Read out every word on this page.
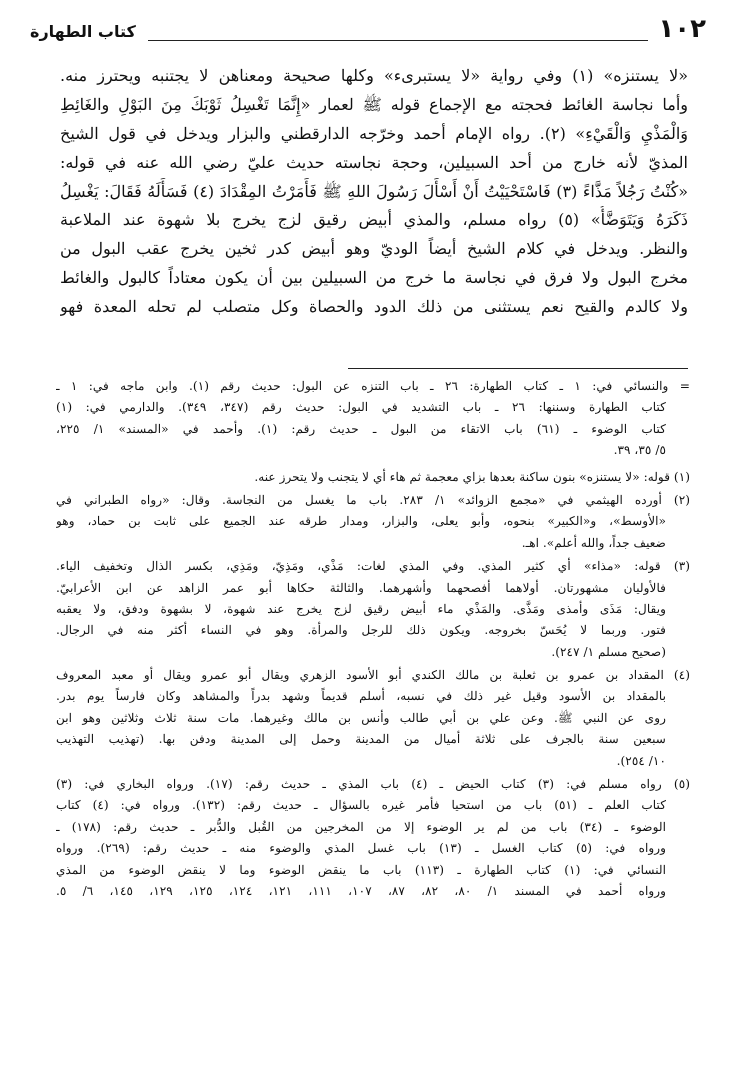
١٠٢
كتاب الطهارة
«لا يستنزه» (١) وفي رواية «لا يستبرىء» وكلها صحيحة ومعناهن لا يجتنبه ويحترز منه.
وأما نجاسة الغائط فحجته مع الإجماع قوله ﷺ لعمار «إِنَّمَا تَغْسِلُ ثَوْبَكَ مِنَ البَوْلِ والغَائِطِ
وَالْمَذْيِ وَالْقَيْءِ» (٢). رواه الإمام أحمد وخرّجه الدارقطني والبزار ويدخل في قول الشيخ
المذيّ لأنه خارج من أحد السبيلين، وحجة نجاسته حديث عليّ رضي الله عنه في قوله:
«كُنْتُ رَجُلاً مَذَّاءً (٣) فَاسْتَحْيَيْتُ أَنْ أَسْأَلَ رَسُولَ اللهِ ﷺ فَأَمَرْتُ المِقْدَادَ (٤) فَسَأَلَهُ فَقَالَ: يَغْسِلُ
ذَكَرَهُ وَيَتَوَضَّأُ» (٥) رواه مسلم، والمذي أبيض رقيق لزج يخرج بلا شهوة عند الملاعبة
والنظر. ويدخل في كلام الشيخ أيضاً الوديّ وهو أبيض كدر ثخين يخرج عقب البول من
مخرج البول ولا فرق في نجاسة ما خرج من السبيلين بين أن يكون معتاداً كالبول والغائط
ولا كالدم والقيح نعم يستثنى من ذلك الدود والحصاة وكل متصلب لم تحله المعدة فهو
= والنسائي في: ١ ـ كتاب الطهارة: ٢٦ ـ باب التنزه عن البول: حديث رقم (١). وابن ماجه في: ١ ـ
كتاب الطهارة وسننها: ٢٦ ـ باب التشديد في البول: حديث رقم (٣٤٧، ٣٤٩). والدارمي في: (١)
كتاب الوضوء ـ (٦١) باب الاتقاء من البول ـ حديث رقم: (١). وأحمد في «المسند» ١/ ٢٢٥،
٥/ ٣٥، ٣٩.
(١) قوله: «لا يستنزه» بنون ساكنة بعدها بزاي معجمة ثم هاء أي لا يتجنب ولا يتحرز عنه.
(٢) أورده الهيثمي في «مجمع الزوائد» ١/ ٢٨٣. باب ما يغسل من النجاسة. وقال: «رواه الطبراني في
«الأوسط»، و«الكبير» بنحوه، وأبو يعلى، والبزار، ومدار طرقه عند الجميع على ثابت بن حماد، وهو
ضعيف جداً، والله أعلم». اهـ.
(٣) قوله: «مذاء» أي كثير المذي. وفي المذي لغات: مَذْي، ومَذِيّ، ومَذِي، بكسر الذال وتخفيف الياء.
فالأوليان مشهورتان. أولاهما أفصحهما وأشهرهما. والثالثة حكاها أبو عمر الزاهد عن ابن الأعرابيّ.
ويقال: مَذَى وأمذى ومَذَّى. والمَذْي ماء أبيض رقيق لزج يخرج عند شهوة، لا بشهوة ودفق، ولا يعقبه
فتور. وربما لا يُحَسّ بخروجه. ويكون ذلك للرجل والمرأة. وهو في النساء أكثر منه في الرجال.
(صحيح مسلم ١/ ٢٤٧).
(٤) المقداد بن عمرو بن ثعلبة بن مالك الكندي أبو الأسود الزهري ويقال أبو عمرو ويقال أو معبد المعروف
بالمقداد بن الأسود وقيل غير ذلك في نسبه، أسلم قديماً وشهد بدراً والمشاهد وكان فارساً يوم بدر.
روى عن النبي ﷺ. وعن علي بن أبي طالب وأنس بن مالك وغيرهما. مات سنة ثلاث وثلاثين وهو ابن
سبعين سنة بالجرف على ثلاثة أميال من المدينة وحمل إلى المدينة ودفن بها. (تهذيب التهذيب
١٠/ ٢٥٤).
(٥) رواه مسلم في: (٣) كتاب الحيض ـ (٤) باب المذي ـ حديث رقم: (١٧). ورواه البخاري في: (٣)
كتاب العلم ـ (٥١) باب من استحيا فأمر غيره بالسؤال ـ حديث رقم: (١٣٢). ورواه في: (٤) كتاب
الوضوء ـ (٣٤) باب من لم ير الوضوء إلا من المخرجين من القُبل والدُّبر ـ حديث رقم: (١٧٨) ـ
ورواه في: (٥) كتاب الغسل ـ (١٣) باب غسل المذي والوضوء منه ـ حديث رقم: (٢٦٩). ورواه
النسائي في: (١) كتاب الطهارة ـ (١١٣) باب ما ينقض الوضوء وما لا ينقض الوضوء من المذي
ورواه أحمد في المسند ١/ ٨٠، ٨٢، ٨٧، ١٠٧، ١١١، ١٢١، ١٢٤، ١٢٥، ١٢٩، ١٤٥، ٦/ ٥.
